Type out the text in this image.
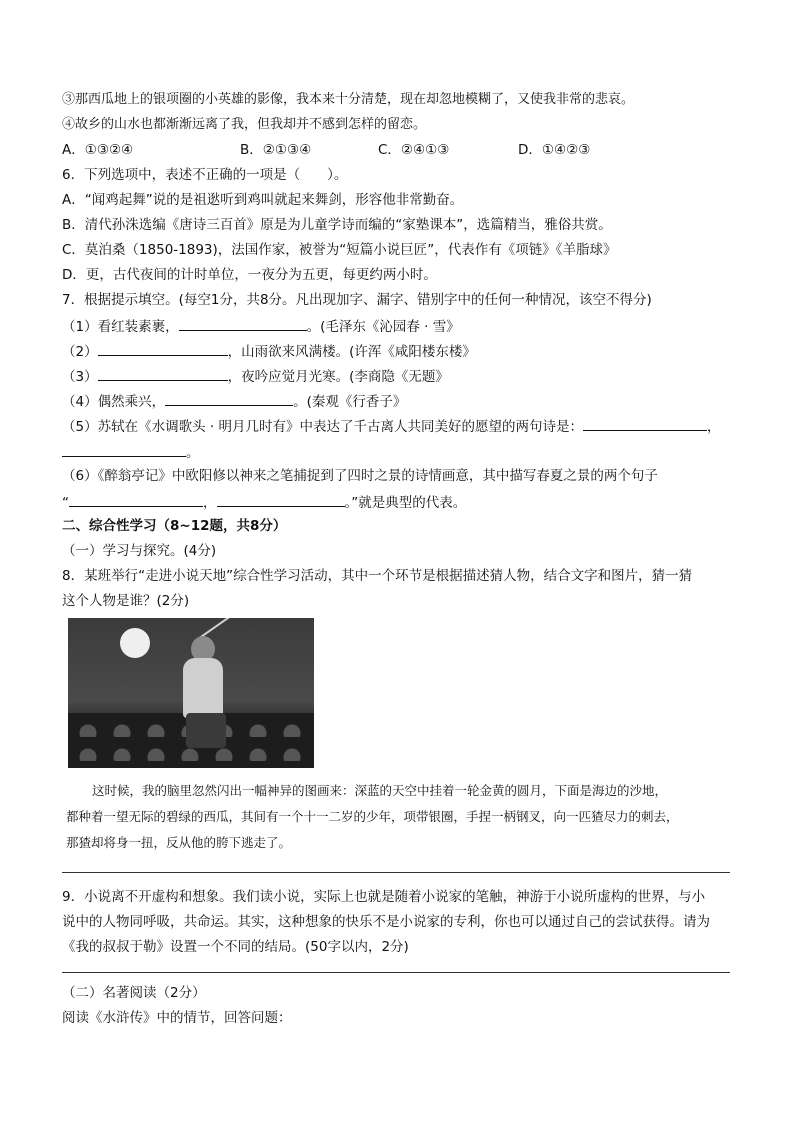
③那西瓜地上的银项圈的小英雄的影像，我本来十分清楚，现在却忽地模糊了，又使我非常的悲哀。
④故乡的山水也都渐渐远离了我，但我却并不感到怎样的留恋。
A．①③②④	B．②①③④	C．②④①③	D．①④②③
6．下列选项中，表述不正确的一项是（　　）。
A．“闻鸡起舞”说的是祖逖听到鸡叫就起来舞剑，形容他非常勤奋。
B．清代孙洙选编《唐诗三百首》原是为儿童学诗而编的“家塾课本”，选篇精当，雅俗共赏。
C．莫泊桑（1850-1893)，法国作家，被誉为“短篇小说巨匠”，代表作有《项链》《羊脂球》
D．更，古代夜间的计时单位，一夜分为五更，每更约两小时。
7．根据提示填空。(每空1分，共8分。凡出现加字、漏字、错别字中的任何一种情况，该空不得分)
（1）看红装素裹，	。(毛泽东《沁园春 · 雪》
（2）	，山雨欲来风满楼。(许浑《咸阳楼东楼》
（3）	，夜吟应觉月光寒。(李商隐《无题》
（4）偶然乘兴，	。(秦观《行香子》
（5）苏轼在《水调歌头 · 明月几时有》中表达了千古离人共同美好的愿望的两句诗是：	，
。
（6）《醉翁亭记》中欧阳修以神来之笔捕捉到了四时之景的诗情画意，其中描写春夏之景的两个句子
“	，	。”就是典型的代表。
二、综合性学习（8~12题，共8分）
（一）学习与探究。(4分)
8．某班举行“走进小说天地”综合性学习活动，其中一个环节是根据描述猜人物，结合文字和图片，猜一猜
这个人物是谁？(2分)
这时候，我的脑里忽然闪出一幅神异的图画来：深蓝的天空中挂着一轮金黄的圆月，下面是海边的沙地，
都种着一望无际的碧绿的西瓜，其间有一个十一二岁的少年，项带银圈，手捏一柄钢叉，向一匹猹尽力的刺去，
那猹却将身一扭，反从他的胯下逃走了。
9．小说离不开虚构和想象。我们读小说，实际上也就是随着小说家的笔触，神游于小说所虚构的世界，与小
说中的人物同呼吸，共命运。其实，这种想象的快乐不是小说家的专利，你也可以通过自己的尝试获得。请为
《我的叔叔于勒》设置一个不同的结局。(50字以内，2分)
（二）名著阅读（2分）
阅读《水浒传》中的情节，回答问题：
